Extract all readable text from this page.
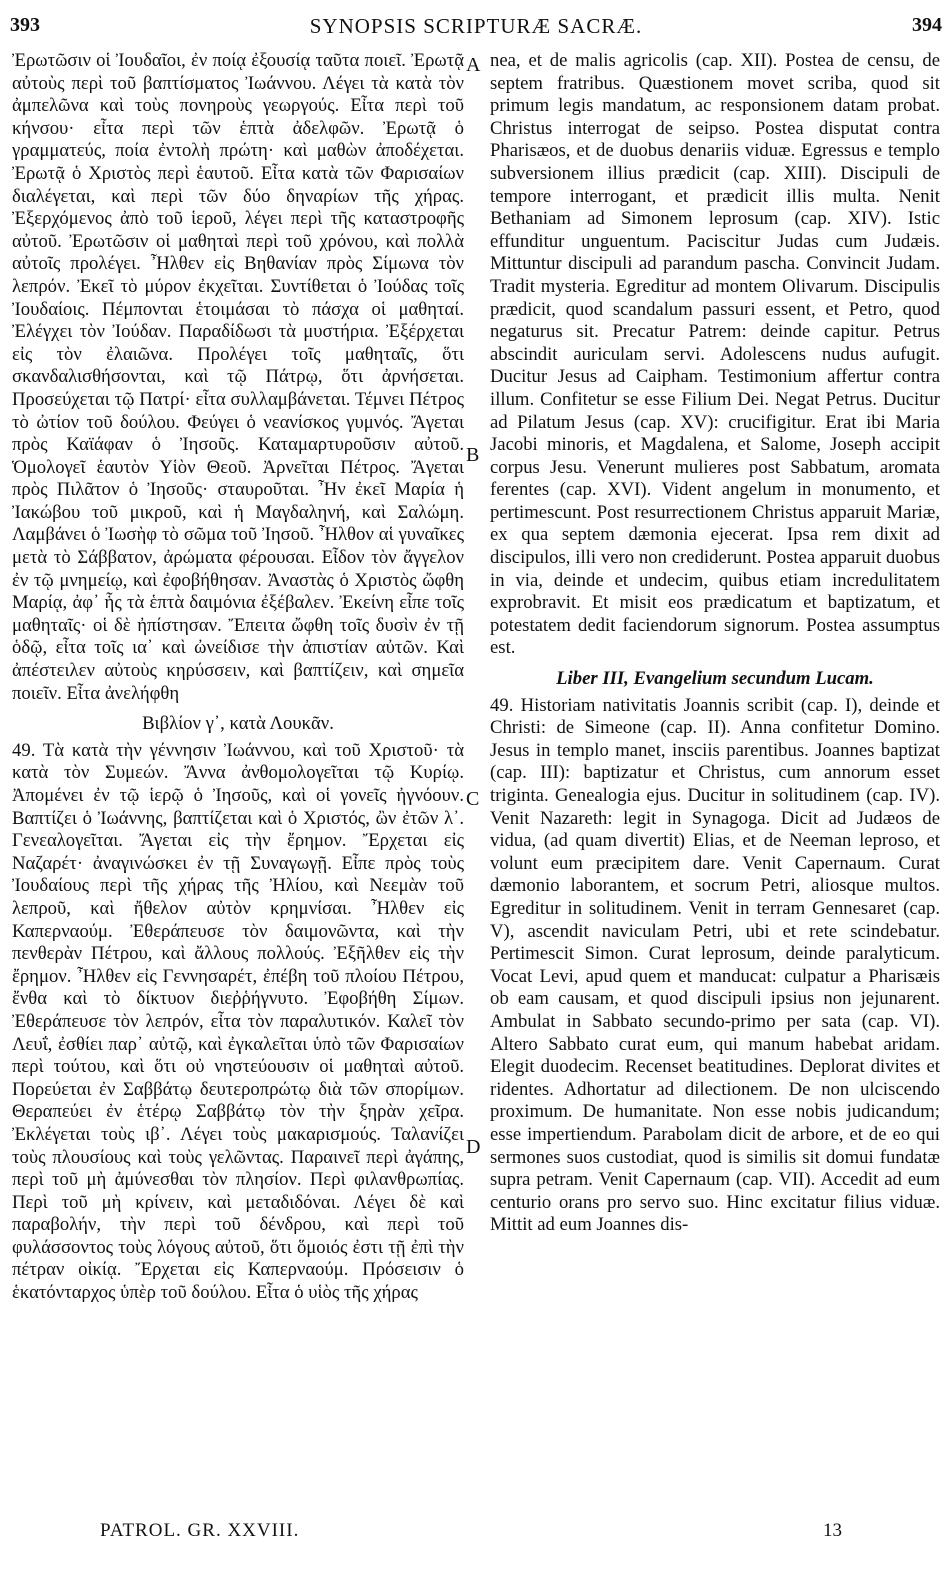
393	SYNOPSIS SCRIPTURÆ SACRÆ.	394

Ἐρωτῶσιν οἱ Ἰουδαῖοι, ἐν ποίᾳ ἐξουσίᾳ ταῦτα ποιεῖ. Ἐρωτᾷ αὐτοὺς περὶ τοῦ βαπτίσματος Ἰωάννου. Λέγει τὰ κατὰ τὸν ἀμπελῶνα καὶ τοὺς πονηροὺς γεωργούς. Εἶτα περὶ τοῦ κήνσου· εἶτα περὶ τῶν ἑπτὰ ἀδελφῶν. Ἐρωτᾷ ὁ γραμματεύς, ποία ἐντολὴ πρώτη· καὶ μαθὼν ἀποδέχεται. Ἐρωτᾷ ὁ Χριστὸς περὶ ἑαυτοῦ. Εἶτα κατὰ τῶν Φαρισαίων διαλέγεται, καὶ περὶ τῶν δύο δηναρίων τῆς χήρας. Ἐξερχόμενος ἀπὸ τοῦ ἱεροῦ, λέγει περὶ τῆς καταστροφῆς αὐτοῦ. Ἐρωτῶσιν οἱ μαθηταὶ περὶ τοῦ χρόνου, καὶ πολλὰ αὐτοῖς προλέγει. Ἦλθεν εἰς Βηθανίαν πρὸς Σίμωνα τὸν λεπρόν. Ἐκεῖ τὸ μύρον ἐκχεῖται. Συντίθεται ὁ Ἰούδας τοῖς Ἰουδαίοις. Πέμπονται ἑτοιμάσαι τὸ πάσχα οἱ μαθηταί. Ἐλέγχει τὸν Ἰούδαν. Παραδίδωσι τὰ μυστήρια. Ἐξέρχεται εἰς τὸν ἐλαιῶνα. Προλέγει τοῖς μαθηταῖς, ὅτι σκανδαλισθήσονται, καὶ τῷ Πάτρῳ, ὅτι ἀρνήσεται. Προσεύχεται τῷ Πατρί· εἶτα συλλαμβάνεται. Τέμνει Πέτρος τὸ ὠτίον τοῦ δούλου. Φεύγει ὁ νεανίσκος γυμνός. Ἄγεται πρὸς Καϊάφαν ὁ Ἰησοῦς. Καταμαρτυροῦσιν αὐτοῦ. Ὁμολογεῖ ἑαυτὸν Υἱὸν Θεοῦ. Ἀρνεῖται Πέτρος. Ἄγεται πρὸς Πιλᾶτον ὁ Ἰησοῦς· σταυροῦται. Ἦν ἐκεῖ Μαρία ἡ Ἰακώβου τοῦ μικροῦ, καὶ ἡ Μαγδαληνή, καὶ Σαλώμη. Λαμβάνει ὁ Ἰωσὴφ τὸ σῶμα τοῦ Ἰησοῦ. Ἦλθον αἱ γυναῖκες μετὰ τὸ Σάββατον, ἀρώματα φέρουσαι. Εἶδον τὸν ἄγγελον ἐν τῷ μνημείῳ, καὶ ἐφοβήθησαν. Ἀναστὰς ὁ Χριστὸς ὤφθη Μαρίᾳ, ἀφ᾽ ἧς τὰ ἑπτὰ δαιμόνια ἐξέβαλεν. Ἐκείνη εἶπε τοῖς μαθηταῖς· οἱ δὲ ἠπίστησαν. Ἔπειτα ὤφθη τοῖς δυσὶν ἐν τῇ ὁδῷ, εἶτα τοῖς ια᾽ καὶ ὠνείδισε τὴν ἀπιστίαν αὐτῶν. Καὶ ἀπέστειλεν αὐτοὺς κηρύσσειν, καὶ βαπτίζειν, καὶ σημεῖα ποιεῖν. Εἶτα ἀνελήφθη

Βιβλίον γ᾽, κατὰ Λουκᾶν.

49. Τὰ κατὰ τὴν γέννησιν Ἰωάννου, καὶ τοῦ Χριστοῦ· τὰ κατὰ τὸν Συμεών. Ἄννα ἀνθομολογεῖται τῷ Κυρίῳ. Ἀπομένει ἐν τῷ ἱερῷ ὁ Ἰησοῦς, καὶ οἱ γονεῖς ἠγνόουν. Βαπτίζει ὁ Ἰωάννης, βαπτίζεται καὶ ὁ Χριστός, ὢν ἐτῶν λ᾽. Γενεαλογεῖται. Ἄγεται εἰς τὴν ἔρημον. Ἔρχεται εἰς Ναζαρέτ· ἀναγινώσκει ἐν τῇ Συναγωγῇ. Εἶπε πρὸς τοὺς Ἰουδαίους περὶ τῆς χήρας τῆς Ἠλίου, καὶ Νεεμὰν τοῦ λεπροῦ, καὶ ἤθελον αὐτὸν κρημνίσαι. Ἦλθεν εἰς Καπερναούμ. Ἐθεράπευσε τὸν δαιμονῶντα, καὶ τὴν πενθερὰν Πέτρου, καὶ ἄλλους πολλούς. Ἐξῆλθεν εἰς τὴν ἔρημον. Ἦλθεν εἰς Γεννησαρέτ, ἐπέβη τοῦ πλοίου Πέτρου, ἔνθα καὶ τὸ δίκτυον διεῤῥήγνυτο. Ἐφοβήθη Σίμων. Ἐθεράπευσε τὸν λεπρόν, εἶτα τὸν παραλυτικόν. Καλεῖ τὸν Λευΐ, ἐσθίει παρ᾽ αὐτῷ, καὶ ἐγκαλεῖται ὑπὸ τῶν Φαρισαίων περὶ τούτου, καὶ ὅτι οὐ νηστεύουσιν οἱ μαθηταὶ αὐτοῦ. Πορεύεται ἐν Σαββάτῳ δευτεροπρώτῳ διὰ τῶν σπορίμων. Θεραπεύει ἐν ἑτέρῳ Σαββάτῳ τὸν τὴν ξηρὰν χεῖρα. Ἐκλέγεται τοὺς ιβ᾽. Λέγει τοὺς μακαρισμούς. Ταλανίζει τοὺς πλουσίους καὶ τοὺς γελῶντας. Παραινεῖ περὶ ἀγάπης, περὶ τοῦ μὴ ἀμύνεσθαι τὸν πλησίον. Περὶ φιλανθρωπίας. Περὶ τοῦ μὴ κρίνειν, καὶ μεταδιδόναι. Λέγει δὲ καὶ παραβολήν, τὴν περὶ τοῦ δένδρου, καὶ περὶ τοῦ φυλάσσοντος τοὺς λόγους αὐτοῦ, ὅτι ὅμοιός ἐστι τῇ ἐπὶ τὴν πέτραν οἰκίᾳ. Ἔρχεται εἰς Καπερναούμ. Πρόσεισιν ὁ ἑκατόνταρχος ὑπὲρ τοῦ δούλου. Εἶτα ὁ υἱὸς τῆς χήρας

A
B
C
D

nea, et de malis agricolis (cap. XII). Postea de censu, de septem fratribus. Quæstionem movet scriba, quod sit primum legis mandatum, ac responsionem datam probat. Christus interrogat de seipso. Postea disputat contra Pharisæos, et de duobus denariis viduæ. Egressus e templo subversionem illius prædicit (cap. XIII). Discipuli de tempore interrogant, et prædicit illis multa. Nenit Bethaniam ad Simonem leprosum (cap. XIV). Istic effunditur unguentum. Paciscitur Judas cum Judæis. Mittuntur discipuli ad parandum pascha. Convincit Judam. Tradit mysteria. Egreditur ad montem Olivarum. Discipulis prædicit, quod scandalum passuri essent, et Petro, quod negaturus sit. Precatur Patrem: deinde capitur. Petrus abscindit auriculam servi. Adolescens nudus aufugit. Ducitur Jesus ad Caipham. Testimonium affertur contra illum. Confitetur se esse Filium Dei. Negat Petrus. Ducitur ad Pilatum Jesus (cap. XV): crucifigitur. Erat ibi Maria Jacobi minoris, et Magdalena, et Salome, Joseph accipit corpus Jesu. Venerunt mulieres post Sabbatum, aromata ferentes (cap. XVI). Vident angelum in monumento, et pertimescunt. Post resurrectionem Christus apparuit Mariæ, ex qua septem dæmonia ejecerat. Ipsa rem dixit ad discipulos, illi vero non crediderunt. Postea apparuit duobus in via, deinde et undecim, quibus etiam incredulitatem exprobravit. Et misit eos prædicatum et baptizatum, et potestatem dedit faciendorum signorum. Postea assumptus est.

Liber III, Evangelium secundum Lucam.

49. Historiam nativitatis Joannis scribit (cap. I), deinde et Christi: de Simeone (cap. II). Anna confitetur Domino. Jesus in templo manet, insciis parentibus. Joannes baptizat (cap. III): baptizatur et Christus, cum annorum esset triginta. Genealogia ejus. Ducitur in solitudinem (cap. IV). Venit Nazareth: legit in Synagoga. Dicit ad Judæos de vidua, (ad quam divertit) Elias, et de Neeman leproso, et volunt eum præcipitem dare. Venit Capernaum. Curat dæmonio laborantem, et socrum Petri, aliosque multos. Egreditur in solitudinem. Venit in terram Gennesaret (cap. V), ascendit naviculam Petri, ubi et rete scindebatur. Pertimescit Simon. Curat leprosum, deinde paralyticum. Vocat Levi, apud quem et manducat: culpatur a Pharisæis ob eam causam, et quod discipuli ipsius non jejunarent. Ambulat in Sabbato secundo-primo per sata (cap. VI). Altero Sabbato curat eum, qui manum habebat aridam. Elegit duodecim. Recenset beatitudines. Deplorat divites et ridentes. Adhortatur ad dilectionem. De non ulciscendo proximum. De humanitate. Non esse nobis judicandum; esse impertiendum. Parabolam dicit de arbore, et de eo qui sermones suos custodiat, quod is similis sit domui fundatæ supra petram. Venit Capernaum (cap. VII). Accedit ad eum centurio orans pro servo suo. Hinc excitatur filius viduæ. Mittit ad eum Joannes dis-

PATROL. GR. XXVIII.	13
